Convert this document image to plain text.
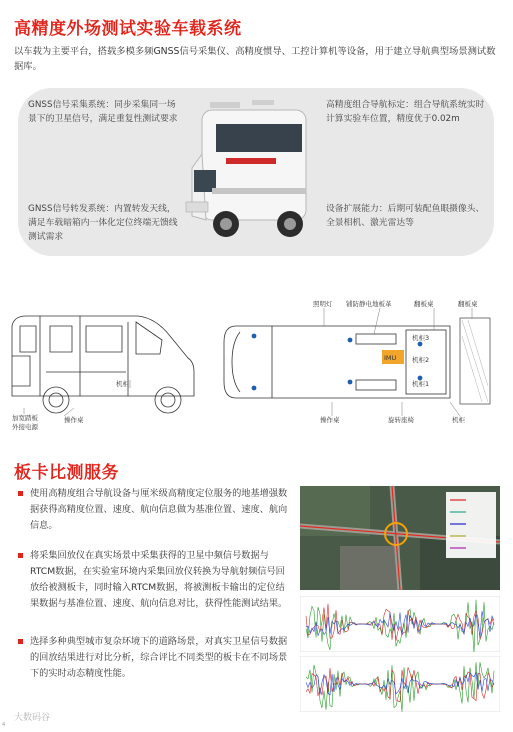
高精度外场测试实验车载系统
以车载为主要平台，搭载多模多频GNSS信号采集仪、高精度惯导、工控计算机等设备，用于建立导航典型场景测试数据库。
GNSS信号采集系统：同步采集同一场景下的卫星信号，满足重复性测试要求
GNSS信号转发系统：内置转发天线，满足车载暗箱内一体化定位终端无馈线测试需求
高精度组合导航标定：组合导航系统实时计算实验车位置，精度优于0.02m
设备扩展能力：后期可装配鱼眼摄像头、全景相机、激光雷达等
IMU
照明灯 铺防静电地板革	翻板桌	翻板桌
机柜3
机柜2
机柜1
机柜
操作桌	操作桌	旋转座椅	机柜
加宽踏板
外接电源
板卡比测服务
使用高精度组合导航设备与厘米级高精度定位服务的地基增强数据获得高精度位置、速度、航向信息做为基准位置、速度、航向信息。
将采集回放仪在真实场景中采集获得的卫星中频信号数据与RTCM数据，在实验室环境内采集回放仪转换为导航射频信号回放给被测板卡，同时输入RTCM数据，将被测板卡输出的定位结果数据与基准位置、速度、航向信息对比，获得性能测试结果。
选择多种典型城市复杂环境下的道路场景，对真实卫星信号数据的回放结果进行对比分析，综合评比不同类型的板卡在不同场景下的实时动态精度性能。
大数码谷
4
